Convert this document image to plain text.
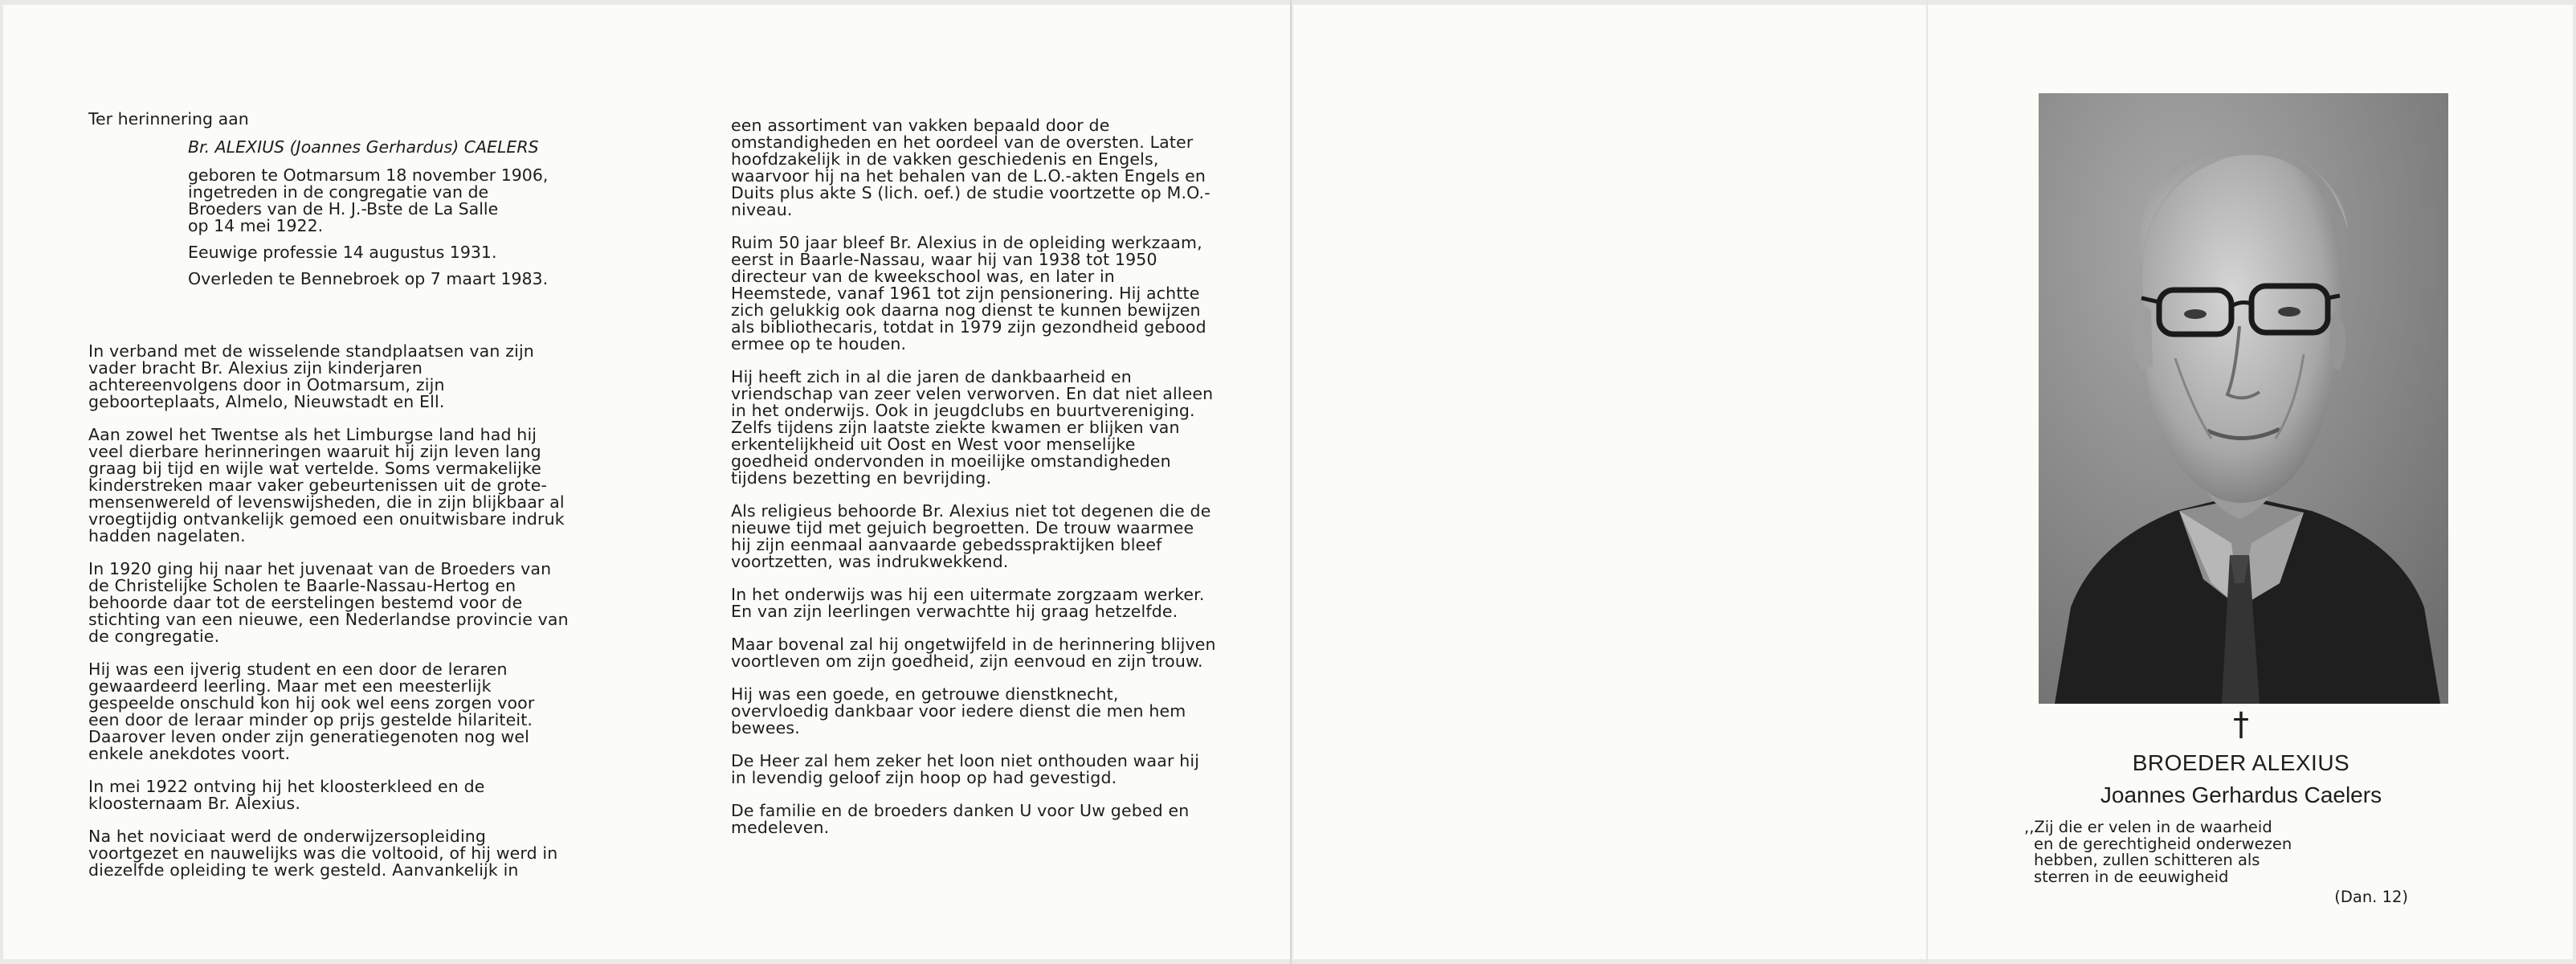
Ter herinnering aan
Br. ALEXIUS (Joannes Gerhardus) CAELERS
geboren te Ootmarsum 18 november 1906,
ingetreden in de congregatie van de
Broeders van de H. J.-Bste de La Salle
op 14 mei 1922.
Eeuwige professie 14 augustus 1931.
Overleden te Bennebroek op 7 maart 1983.

In verband met de wisselende standplaatsen van zijn vader bracht Br. Alexius zijn kinderjaren achtereenvolgens door in Ootmarsum, zijn geboorteplaats, Almelo, Nieuwstadt en Ell.

Aan zowel het Twentse als het Limburgse land had hij veel dierbare herinneringen waaruit hij zijn leven lang graag bij tijd en wijle wat vertelde. Soms vermakelijke kinderstreken maar vaker gebeurtenissen uit de grote-mensenwereld of levenswijsheden, die in zijn blijkbaar al vroegtijdig ontvankelijk gemoed een onuitwisbare indruk hadden nagelaten.

In 1920 ging hij naar het juvenaat van de Broeders van de Christelijke Scholen te Baarle-Nassau-Hertog en behoorde daar tot de eerstelingen bestemd voor de stichting van een nieuwe, een Nederlandse provincie van de congregatie.

Hij was een ijverig student en een door de leraren gewaardeerd leerling. Maar met een meesterlijk gespeelde onschuld kon hij ook wel eens zorgen voor een door de leraar minder op prijs gestelde hilariteit. Daarover leven onder zijn generatiegenoten nog wel enkele anekdotes voort.

In mei 1922 ontving hij het kloosterkleed en de kloosternaam Br. Alexius.

Na het noviciaat werd de onderwijzersopleiding voortgezet en nauwelijks was die voltooid, of hij werd in diezelfde opleiding te werk gesteld. Aanvankelijk in

een assortiment van vakken bepaald door de omstandigheden en het oordeel van de oversten. Later hoofdzakelijk in de vakken geschiedenis en Engels, waarvoor hij na het behalen van de L.O.-akten Engels en Duits plus akte S (lich. oef.) de studie voortzette op M.O.-niveau.

Ruim 50 jaar bleef Br. Alexius in de opleiding werkzaam, eerst in Baarle-Nassau, waar hij van 1938 tot 1950 directeur van de kweekschool was, en later in Heemstede, vanaf 1961 tot zijn pensionering. Hij achtte zich gelukkig ook daarna nog dienst te kunnen bewijzen als bibliothecaris, totdat in 1979 zijn gezondheid gebood ermee op te houden.

Hij heeft zich in al die jaren de dankbaarheid en vriendschap van zeer velen verworven. En dat niet alleen in het onderwijs. Ook in jeugdclubs en buurtvereniging. Zelfs tijdens zijn laatste ziekte kwamen er blijken van erkentelijkheid uit Oost en West voor menselijke goedheid ondervonden in moeilijke omstandigheden tijdens bezetting en bevrijding.

Als religieus behoorde Br. Alexius niet tot degenen die de nieuwe tijd met gejuich begroetten. De trouw waarmee hij zijn eenmaal aanvaarde gebedsspraktijken bleef voortzetten, was indrukwekkend.

In het onderwijs was hij een uitermate zorgzaam werker. En van zijn leerlingen verwachtte hij graag hetzelfde.

Maar bovenal zal hij ongetwijfeld in de herinnering blijven voortleven om zijn goedheid, zijn eenvoud en zijn trouw.

Hij was een goede, en getrouwe dienstknecht, overvloedig dankbaar voor iedere dienst die men hem bewees.

De Heer zal hem zeker het loon niet onthouden waar hij in levendig geloof zijn hoop op had gevestigd.

De familie en de broeders danken U voor Uw gebed en medeleven.

†
BROEDER ALEXIUS
Joannes Gerhardus Caelers
,,Zij die er velen in de waarheid
en de gerechtigheid onderwezen
hebben, zullen schitteren als
sterren in de eeuwigheid
(Dan. 12)
